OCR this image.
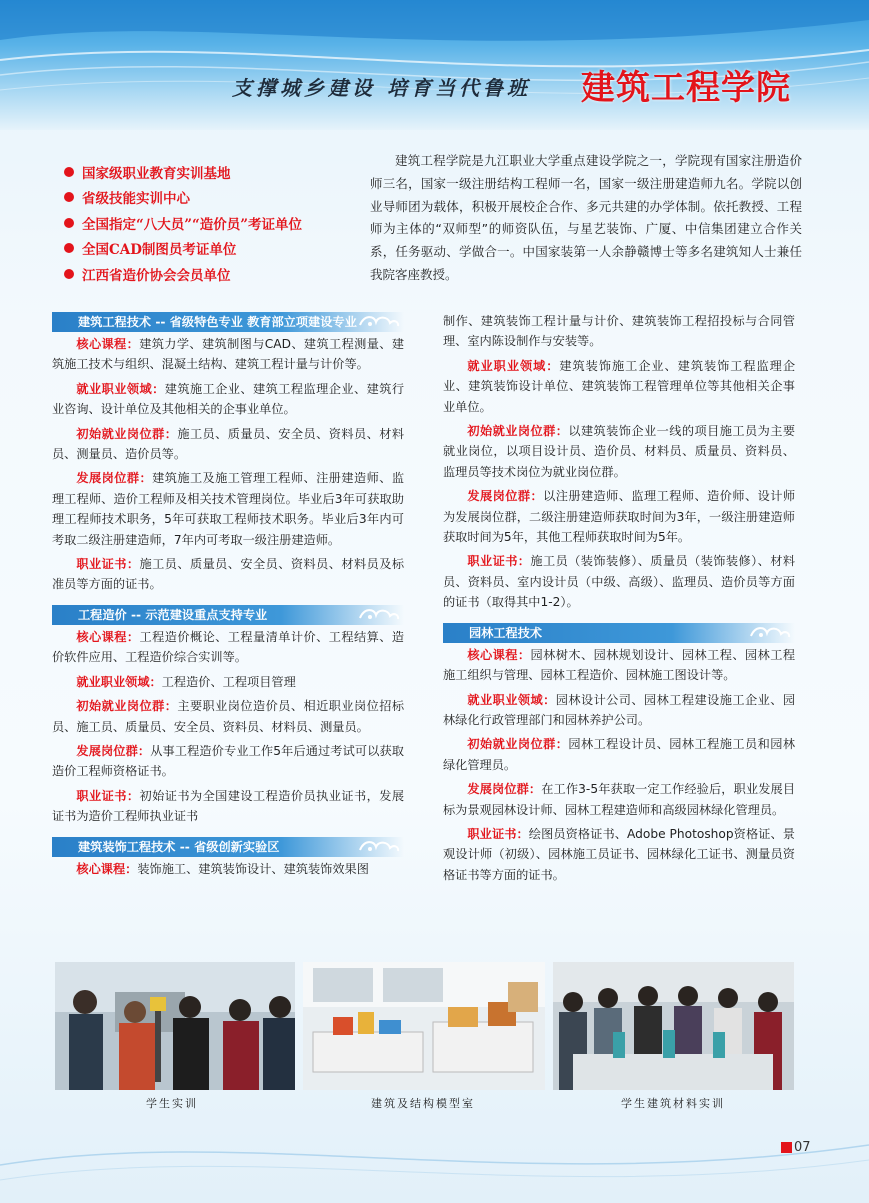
支撑城乡建设 培育当代鲁班 建筑工程学院
国家级职业教育实训基地
省级技能实训中心
全国指定“八大员”“造价员”考证单位
全国CAD制图员考证单位
江西省造价协会会员单位

建筑工程学院是九江职业大学重点建设学院之一，学院现有国家注册造价师三名，国家一级注册结构工程师一名，国家一级注册建造师九名。学院以创业导师团为载体，积极开展校企合作、多元共建的办学体制。依托教授、工程师为主体的“双师型”的师资队伍，与星艺装饰、广厦、中信集团建立合作关系，任务驱动、学做合一。中国家装第一人余静赣博士等多名建筑知人士兼任我院客座教授。

建筑工程技术 -- 省级特色专业 教育部立项建设专业

核心课程：建筑力学、建筑制图与CAD、建筑工程测量、建筑施工技术与组织、混凝土结构、建筑工程计量与计价等。

就业职业领域：建筑施工企业、建筑工程监理企业、建筑行业咨询、设计单位及其他相关的企事业单位。

初始就业岗位群：施工员、质量员、安全员、资料员、材料员、测量员、造价员等。

发展岗位群：建筑施工及施工管理工程师、注册建造师、监理工程师、造价工程师及相关技术管理岗位。毕业后3年可获取助理工程师技术职务，5年可获取工程师技术职务。毕业后3年内可考取二级注册建造师，7年内可考取一级注册建造师。

职业证书：施工员、质量员、安全员、资料员、材料员及标准员等方面的证书。

工程造价 -- 示范建设重点支持专业

核心课程：工程造价概论、工程量清单计价、工程结算、造价软件应用、工程造价综合实训等。

就业职业领域：工程造价、工程项目管理

初始就业岗位群：主要职业岗位造价员、相近职业岗位招标员、施工员、质量员、安全员、资料员、材料员、测量员。

发展岗位群：从事工程造价专业工作5年后通过考试可以获取造价工程师资格证书。

职业证书：初始证书为全国建设工程造价员执业证书，发展证书为造价工程师执业证书

建筑装饰工程技术 -- 省级创新实验区

核心课程：装饰施工、建筑装饰设计、建筑装饰效果图

制作、建筑装饰工程计量与计价、建筑装饰工程招投标与合同管理、室内陈设制作与安装等。

就业职业领域：建筑装饰施工企业、建筑装饰工程监理企业、建筑装饰设计单位、建筑装饰工程管理单位等其他相关企事业单位。

初始就业岗位群：以建筑装饰企业一线的项目施工员为主要就业岗位，以项目设计员、造价员、材料员、质量员、资料员、监理员等技术岗位为就业岗位群。

发展岗位群：以注册建造师、监理工程师、造价师、设计师为发展岗位群，二级注册建造师获取时间为3年，一级注册建造师获取时间为5年，其他工程师获取时间为5年。

职业证书：施工员（装饰装修）、质量员（装饰装修）、材料员、资料员、室内设计员（中级、高级）、监理员、造价员等方面的证书（取得其中1-2）。

园林工程技术

核心课程：园林树木、园林规划设计、园林工程、园林工程施工组织与管理、园林工程造价、园林施工图设计等。

就业职业领域：园林设计公司、园林工程建设施工企业、园林绿化行政管理部门和园林养护公司。

初始就业岗位群：园林工程设计员、园林工程施工员和园林绿化管理员。

发展岗位群：在工作3-5年获取一定工作经验后，职业发展目标为景观园林设计师、园林工程建造师和高级园林绿化管理员。

职业证书：绘图员资格证书、Adobe Photoshop资格证、景观设计师（初级）、园林施工员证书、园林绿化工证书、测量员资格证书等方面的证书。

学生实训	建筑及结构模型室	学生建筑材料实训
07
